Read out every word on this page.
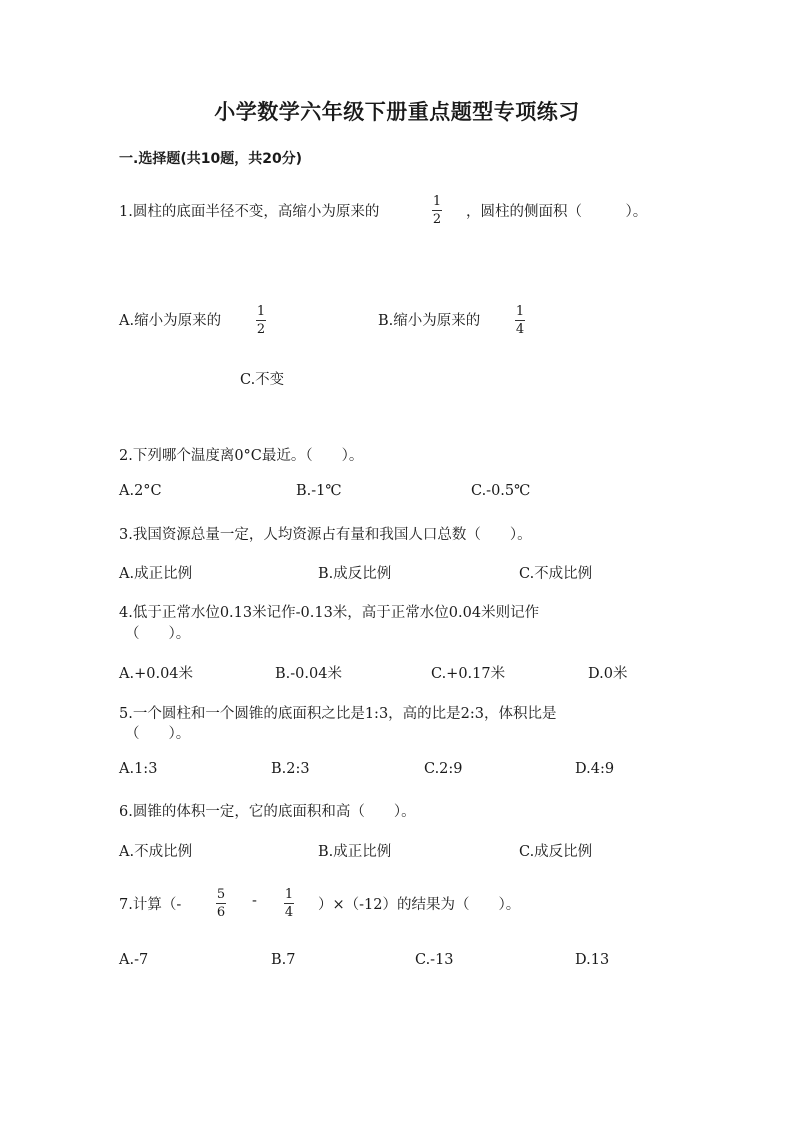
小学数学六年级下册重点题型专项练习
一.选择题(共10题，共20分)
1.圆柱的底面半径不变，高缩小为原来的
1
2 ，圆柱的侧面积（　　　）。
A.缩小为原来的
1
2
B.缩小为原来的
1
4
C.不变
2.下列哪个温度离0°C最近。（　　）。
A.2°C	B.-1℃	C.-0.5℃
3.我国资源总量一定，人均资源占有量和我国人口总数（　　）。
A.成正比例	B.成反比例	C.不成比例
4.低于正常水位0.13米记作-0.13米，高于正常水位0.04米则记作
（　　）。
A.+0.04米	B.-0.04米	C.+0.17米	D.0米
5.一个圆柱和一个圆锥的底面积之比是1:3，高的比是2:3，体积比是
（　　）。
A.1:3	B.2:3	C.2:9	D.4:9
6.圆锥的体积一定，它的底面积和高（　　）。
A.不成比例	B.成正比例	C.成反比例
7.计算（-
5
6
- 1
4 ）×（-12）的结果为（　　）。
A.-7	B.7	C.-13	D.13
